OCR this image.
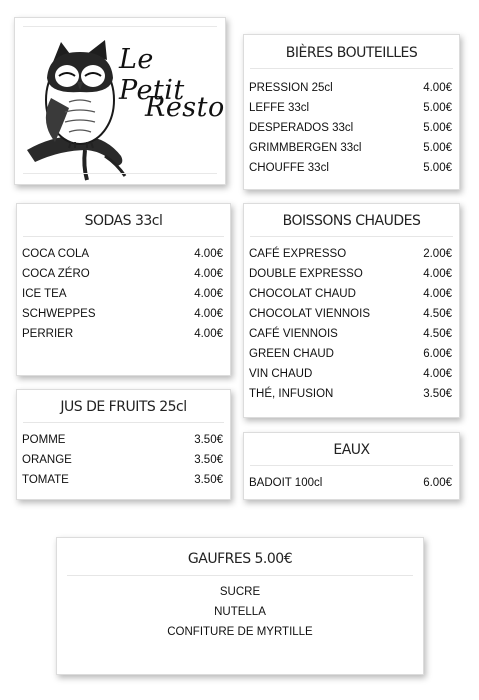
Le Petit
Resto
BIÈRES BOUTEILLES
PRESSION 25cl	4.00€
LEFFE 33cl	5.00€
DESPERADOS 33cl	5.00€
GRIMMBERGEN 33cl	5.00€
CHOUFFE 33cl	5.00€
SODAS 33cl
COCA COLA	4.00€
COCA ZÉRO	4.00€
ICE TEA	4.00€
SCHWEPPES	4.00€
PERRIER	4.00€
BOISSONS CHAUDES
CAFÉ EXPRESSO	2.00€
DOUBLE EXPRESSO	4.00€
CHOCOLAT CHAUD	4.00€
CHOCOLAT VIENNOIS	4.50€
CAFÉ VIENNOIS	4.50€
GREEN CHAUD	6.00€
VIN CHAUD	4.00€
THÉ, INFUSION	3.50€
JUS DE FRUITS 25cl
POMME	3.50€
ORANGE	3.50€
TOMATE	3.50€
EAUX
BADOIT 100cl	6.00€
GAUFRES 5.00€
SUCRE
NUTELLA
CONFITURE DE MYRTILLE
